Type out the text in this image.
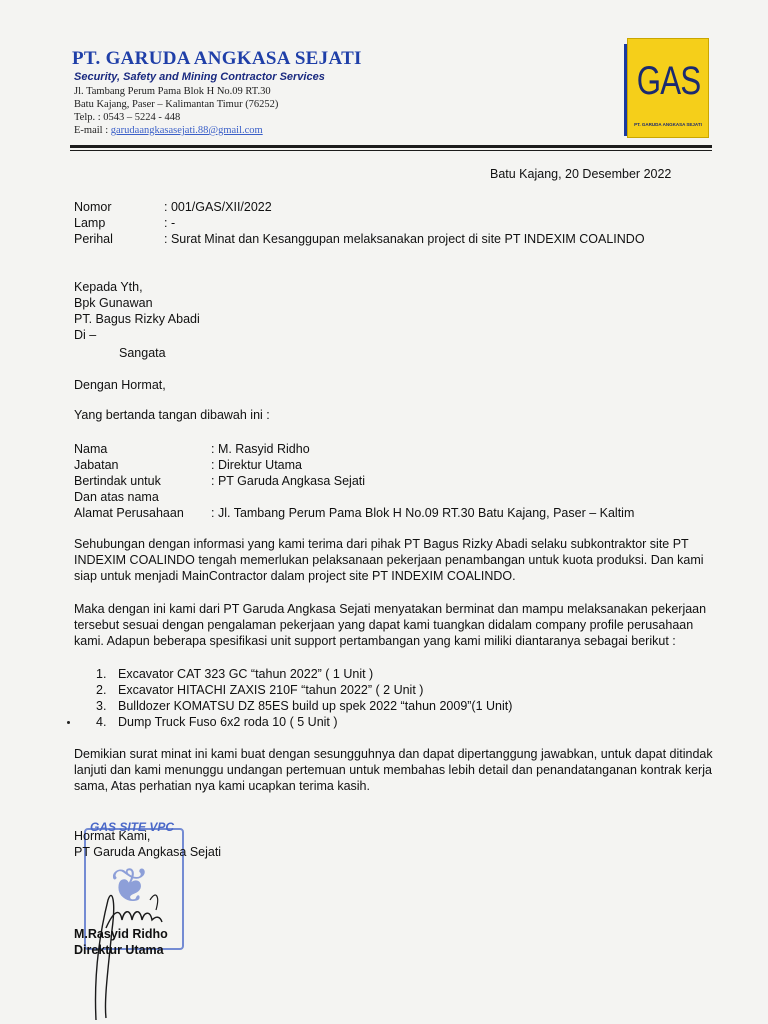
PT. GARUDA ANGKASA SEJATI
Security, Safety and Mining Contractor Services
Jl. Tambang Perum Pama Blok H No.09 RT.30
Batu Kajang, Paser – Kalimantan Timur (76252)
Telp. : 0543 – 5224 - 448
E-mail : garudaangkasasejati.88@gmail.com
GAS
PT. GARUDA ANGKASA SEJATI
Batu Kajang, 20 Desember 2022
Nomor	: 001/GAS/XII/2022
Lamp	: -
Perihal	: Surat Minat dan Kesanggupan melaksanakan project di site PT INDEXIM COALINDO
Kepada Yth,
Bpk Gunawan
PT. Bagus Rizky Abadi
Di –
Sangata
Dengan Hormat,
Yang bertanda tangan dibawah ini :
Nama	: M. Rasyid Ridho
Jabatan	: Direktur Utama
Bertindak untuk	: PT Garuda Angkasa Sejati
Dan atas nama
Alamat Perusahaan : Jl. Tambang Perum Pama Blok H No.09 RT.30 Batu Kajang, Paser – Kaltim
Sehubungan dengan informasi yang kami terima dari pihak PT Bagus Rizky Abadi selaku subkontraktor site PT INDEXIM COALINDO tengah memerlukan pelaksanaan pekerjaan penambangan untuk kuota produksi. Dan kami siap untuk menjadi MainContractor dalam project site PT INDEXIM COALINDO.
Maka dengan ini kami dari PT Garuda Angkasa Sejati menyatakan berminat dan mampu melaksanakan pekerjaan tersebut sesuai dengan pengalaman pekerjaan yang dapat kami tuangkan didalam company profile perusahaan kami. Adapun beberapa spesifikasi unit support pertambangan yang kami miliki diantaranya sebagai berikut :
1. Excavator CAT 323 GC “tahun 2022” ( 1 Unit )
2. Excavator HITACHI ZAXIS 210F “tahun 2022” ( 2 Unit )
3. Bulldozer KOMATSU DZ 85ES build up spek 2022 “tahun 2009”(1 Unit)
4. Dump Truck Fuso 6x2 roda 10 ( 5 Unit )
Demikian surat minat ini kami buat dengan sesungguhnya dan dapat dipertanggung jawabkan, untuk dapat ditindak lanjuti dan kami menunggu undangan pertemuan untuk membahas lebih detail dan penandatanganan kontrak kerja sama, Atas perhatian nya kami ucapkan terima kasih.
GAS SITE VPC
❦
Hormat Kami,
PT Garuda Angkasa Sejati
M.Rasyid Ridho
Direktur Utama
